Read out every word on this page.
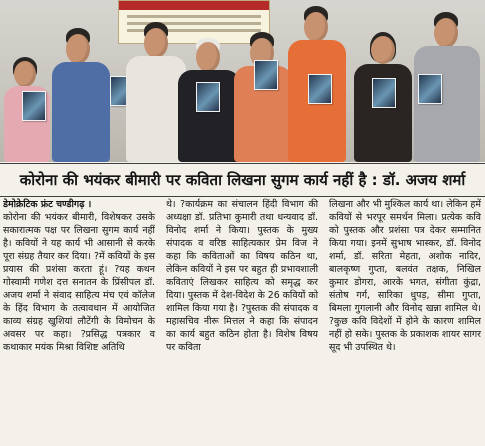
कोरोना की भयंकर बीमारी पर कविता लिखना सुगम कार्य नहीं है : डॉ. अजय शर्मा

डेमोक्रेटिक फ्रंट चण्डीगढ़ ।

कोरोना की भयंकर बीमारी, विशेषकर उसके सकारात्मक पक्ष पर लिखना सुगम कार्य नहीं है। कवियों ने यह कार्य भी आसानी से करके पूरा संग्रह तैयार कर दिया। ?में कवियों के इस प्रयास की प्रशंसा करता हूं। ?यह कथन गोस्वामी गणेश दत्त सनातन के प्रिंसीपल डॉ. अजय शर्मा ने संवाद साहित्य मंच एवं कॉलेज के हिंद विभाग के तत्वावधान में आयोजित काव्य संग्रह खुशियां लौटेंगी के विमोचन के अवसर पर कहा। ?प्रसिद्ध पत्रकार व कथाकार मयंक मिश्रा विशिष्ट अतिथि

थे। ?कार्यक्रम का संचालन हिंदी विभाग की अध्यक्षा डॉ. प्रतिभा कुमारी तथा धन्यवाद डॉ. विनोद शर्मा ने किया। पुस्तक के मुख्य संपादक व वरिष्ठ साहित्यकार प्रेम विज ने कहा कि कविताओं का विषय कठिन था, लेकिन कवियों ने इस पर बहुत ही प्रभावशाली कविताएं लिखकर साहित्य को समृद्ध कर दिया। पुस्तक में देश-विदेश के 26 कवियों को शामिल किया गया है। ?पुस्तक की संपादक व महासचिव नीरू मित्तल ने कहा कि संपादन का कार्य बहुत कठिन होता है। विशेष विषय पर कविता

लिखना और भी मुश्किल कार्य था। लेकिन हमें कवियों से भरपूर समर्थन मिला। प्रत्येक कवि को पुस्तक और प्रशंसा पत्र देकर सम्मानित किया गया। इनमें सुभाष भास्कर, डॉ. विनोद शर्मा, डॉ. सरिता मेहता, अशोक नादिर, बालकृष्ण गुप्ता, बलवंत तक्षक, निखिल कुमार डोगरा, आरके भगत, संगीता कुंद्रा, संतोष गर्ग, सारिका धुपड़, सीमा गुप्ता, बिमला गुगलानी और विनोद खन्ना शामिल थे। ?कुछ कवि विदेशों में होने के कारण शामिल नहीं हो सके। पुस्तक के प्रकाशक शायर सागर सूद भी उपस्थित थे।
